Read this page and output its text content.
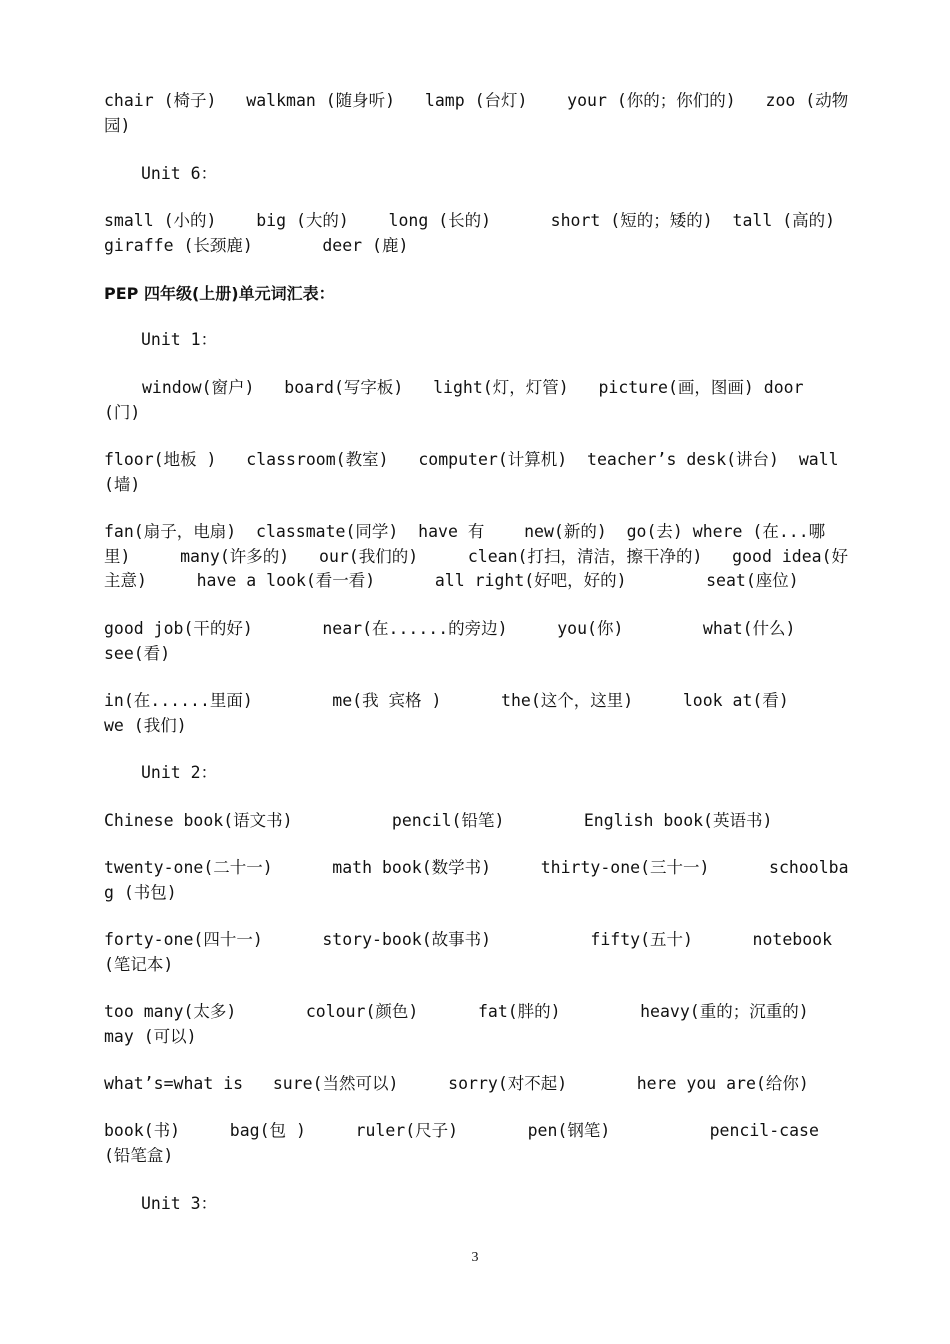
chair (椅子)   walkman (随身听)   lamp (台灯)    your (你的；你们的)   zoo (动物园)

Unit 6：

small (小的)    big (大的)    long (长的)      short (短的；矮的)  tall (高的)      giraffe (长颈鹿)       deer (鹿)

PEP 四年级(上册)单元词汇表：

Unit 1：

window(窗户)   board(写字板)   light(灯，灯管)   picture(画，图画) door (门)

floor(地板 )   classroom(教室)   computer(计算机)  teacher’s desk(讲台)  wall(墙)

fan(扇子，电扇)  classmate(同学)  have 有    new(新的)  go(去) where (在...哪里)     many(许多的)   our(我们的)     clean(打扫，清洁，擦干净的)   good idea(好主意)     have a look(看一看)      all right(好吧，好的)        seat(座位)

good job(干的好)       near(在......的旁边)     you(你)        what(什么)       see(看)

in(在......里面)        me(我 宾格 )      the(这个，这里)     look at(看)      we (我们)

Unit 2：

Chinese book(语文书)          pencil(铅笔)        English book(英语书)

twenty-one(二十一)      math book(数学书)     thirty-one(三十一)      schoolbag (书包)

forty-one(四十一)      story-book(故事书)          fifty(五十)      notebook(笔记本)

too many(太多)       colour(颜色)      fat(胖的)        heavy(重的；沉重的)       may (可以)

what’s=what is   sure(当然可以)     sorry(对不起)       here you are(给你)

book(书)     bag(包 )     ruler(尺子)       pen(钢笔)          pencil-case   (铅笔盒)

Unit 3：

3
